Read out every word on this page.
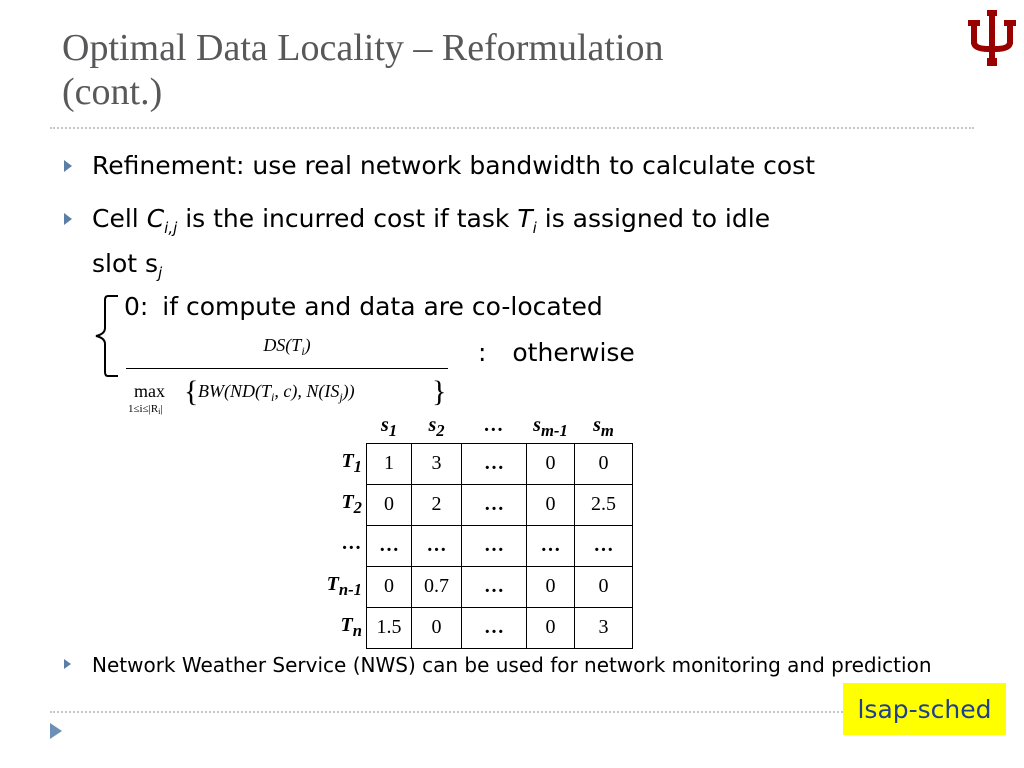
Optimal Data Locality – Reformulation
(cont.)
Refinement: use real network bandwidth to calculate cost
Cell $C_{i,j}$ is the incurred cost if task $T_i$ is assigned to idle
slot $s_j$
0: if compute and data are co-located
$DS(T_i)$
max
1≤i≤|Ri|
{ $BW(ND(T_i$, c), $N(IS_j)$)	}
: otherwise
	$s_1$	$s_2$	…	$s_{m-1}$	$s_m$
$T_1$	1	3	…	0	0
$T_2$	0	2	…	0	2.5
…	…	…	…	…	…
$T_{n-1}$	0	0.7	…	0	0
$T_n$	1.5	0	…	0	3
Network Weather Service (NWS) can be used for network monitoring and prediction
lsap-sched
